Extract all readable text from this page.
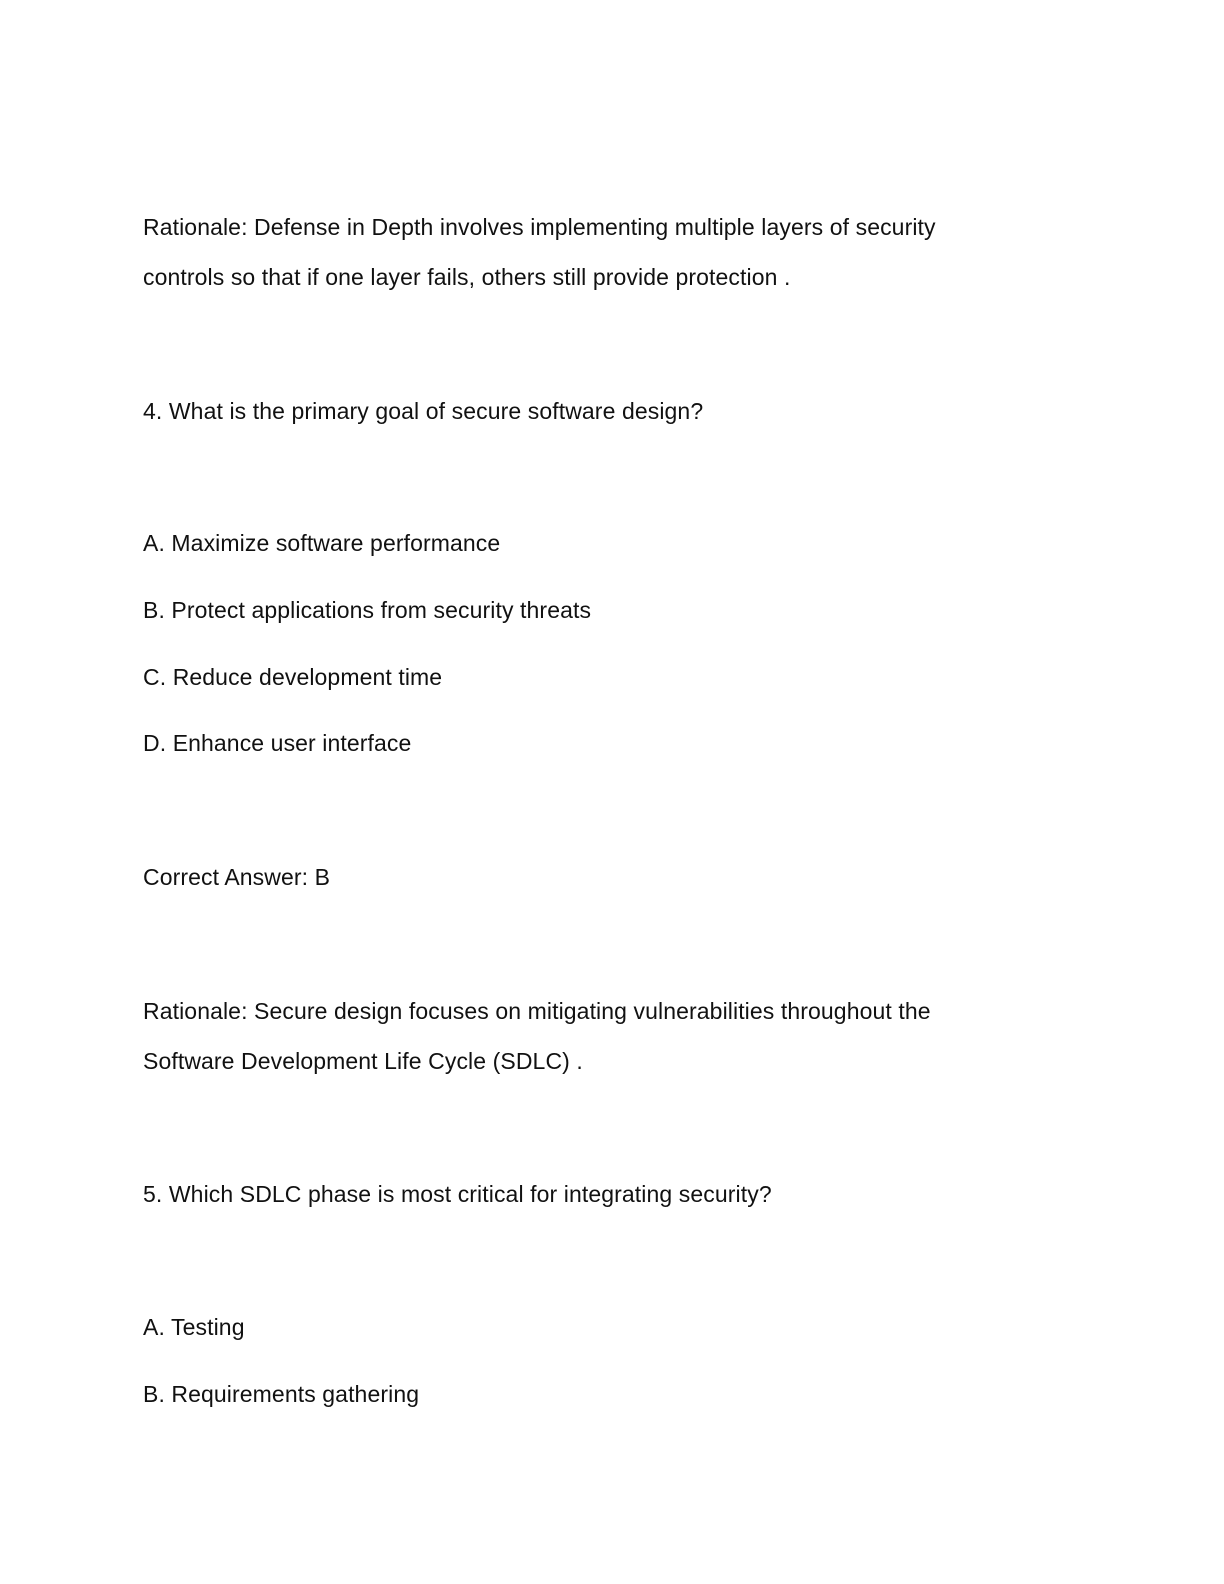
Rationale: Defense in Depth involves implementing multiple layers of security
controls so that if one layer fails, others still provide protection .
4. What is the primary goal of secure software design?
A. Maximize software performance
B. Protect applications from security threats
C. Reduce development time
D. Enhance user interface
Correct Answer: B
Rationale: Secure design focuses on mitigating vulnerabilities throughout the
Software Development Life Cycle (SDLC) .
5. Which SDLC phase is most critical for integrating security?
A. Testing
B. Requirements gathering
